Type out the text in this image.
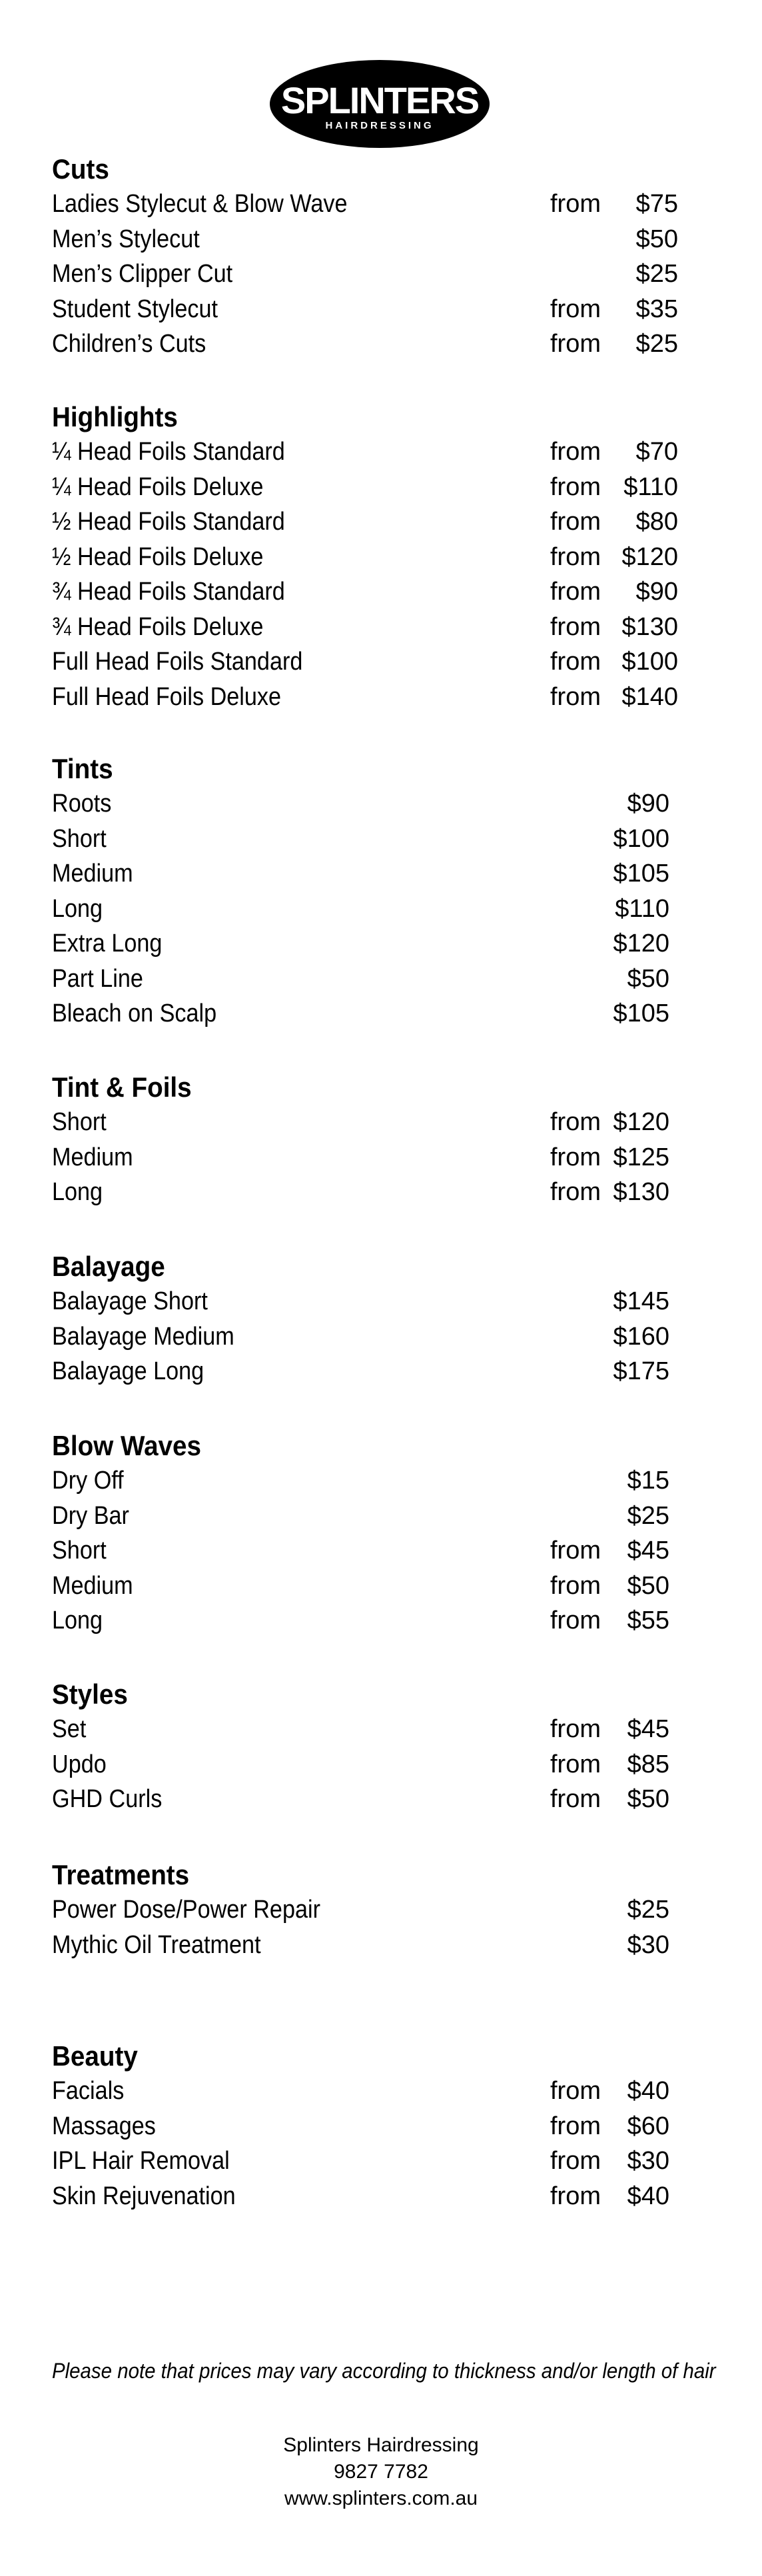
SPLINTERS
HAIRDRESSING
Cuts
Ladies Stylecut & Blow Wave	from $75
Men’s Stylecut	$50
Men’s Clipper Cut	$25
Student Stylecut	from $35
Children’s Cuts	from $25
Highlights
¼ Head Foils Standard	from $70
¼ Head Foils Deluxe	from $110
½ Head Foils Standard	from $80
½ Head Foils Deluxe	from $120
¾ Head Foils Standard	from $90
¾ Head Foils Deluxe	from $130
Full Head Foils Standard	from $100
Full Head Foils Deluxe	from $140
Tints
Roots	$90
Short	$100
Medium	$105
Long	$110
Extra Long	$120
Part Line	$50
Bleach on Scalp	$105
Tint & Foils
Short	from $120
Medium	from $125
Long	from $130
Balayage
Balayage Short	$145
Balayage Medium	$160
Balayage Long	$175
Blow Waves
Dry Off	$15
Dry Bar	$25
Short	from $45
Medium	from $50
Long	from $55
Styles
Set	from $45
Updo	from $85
GHD Curls	from $50
Treatments
Power Dose/Power Repair	$25
Mythic Oil Treatment	$30
Beauty
Facials	from $40
Massages	from $60
IPL Hair Removal	from $30
Skin Rejuvenation	from $40
Please note that prices may vary according to thickness and/or length of hair
Splinters Hairdressing
9827 7782
www.splinters.com.au
